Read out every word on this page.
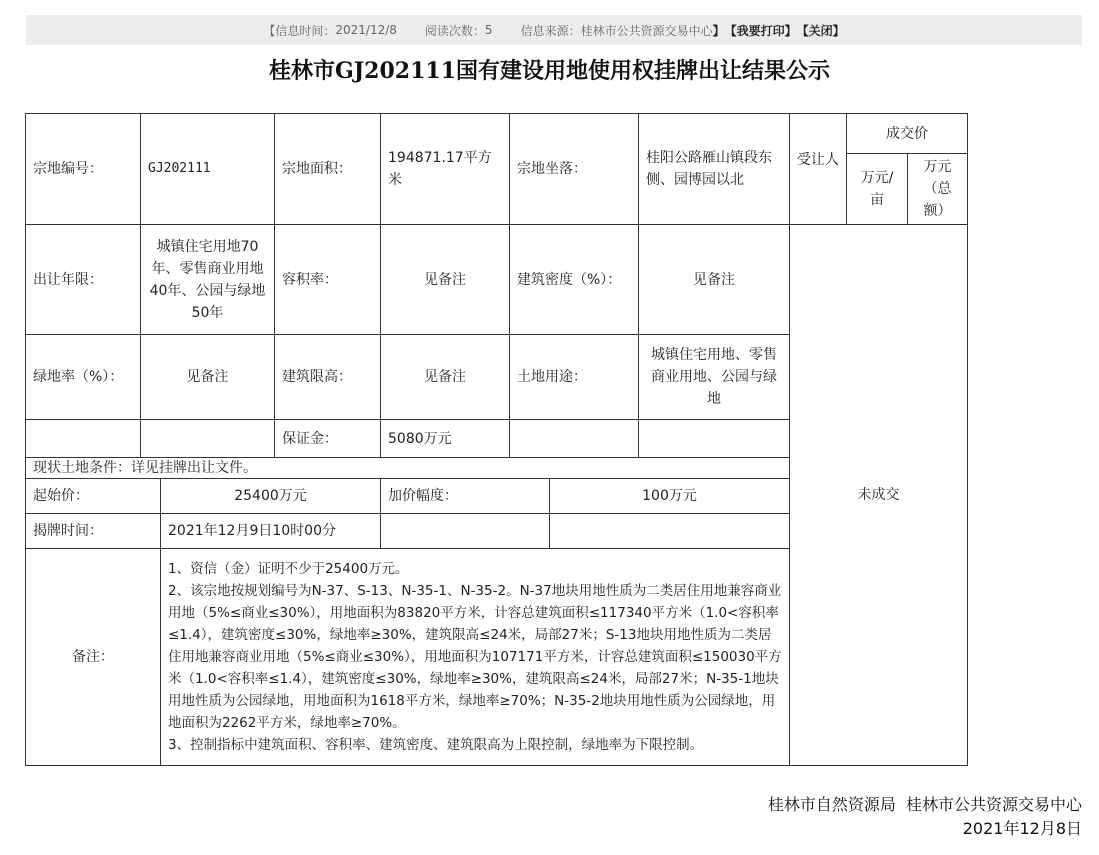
【信息时间： 2021/12/8 阅读次数： 5 信息来源： 桂林市公共资源交易中心 】 【我要打印】 【关闭】
桂林市GJ202111国有建设用地使用权挂牌出让结果公示
宗地编号：	GJ202111		宗地面积：	194871.17平方米	宗地坐落：		桂阳公路雁山镇段东侧、园博园以北	受让人	成交价	
									万元/亩	万元（总额）
出让年限：	城镇住宅用地70年、零售商业用地40年、公园与绿地50年		容积率：	见备注	建筑密度（%）：		见备注	未成交		
绿地率（%）：	见备注		建筑限高：	见备注	土地用途：		城镇住宅用地、零售商业用地、公园与绿地			
			保证金：	5080万元						
现状土地条件：详见挂牌出让文件。										
起始价：		25400万元		加价幅度：		100万元				
揭牌时间：		2021年12月9日10时00分								
备注：		1、资信（金）证明不少于25400万元。

2、该宗地按规划编号为N-37、S-13、N-35-1、N-35-2。N-37地块用地性质为二类居住用地兼容商业用地（5%≤商业≤30%），用地面积为83820平方米，计容总建筑面积≤117340平方米（1.0<容积率≤1.4），建筑密度≤30%，绿地率≥30%，建筑限高≤24米，局部27米；S-13地块用地性质为二类居住用地兼容商业用地（5%≤商业≤30%），用地面积为107171平方米，计容总建筑面积≤150030平方米（1.0<容积率≤1.4），建筑密度≤30%，绿地率≥30%，建筑限高≤24米，局部27米；N-35-1地块用地性质为公园绿地，用地面积为1618平方米，绿地率≥70%；N-35-2地块用地性质为公园绿地，用地面积为2262平方米，绿地率≥70%。

3、控制指标中建筑面积、容积率、建筑密度、建筑限高为上限控制，绿地率为下限控制。								

桂林市自然资源局  桂林市公共资源交易中心
2021年12月8日
